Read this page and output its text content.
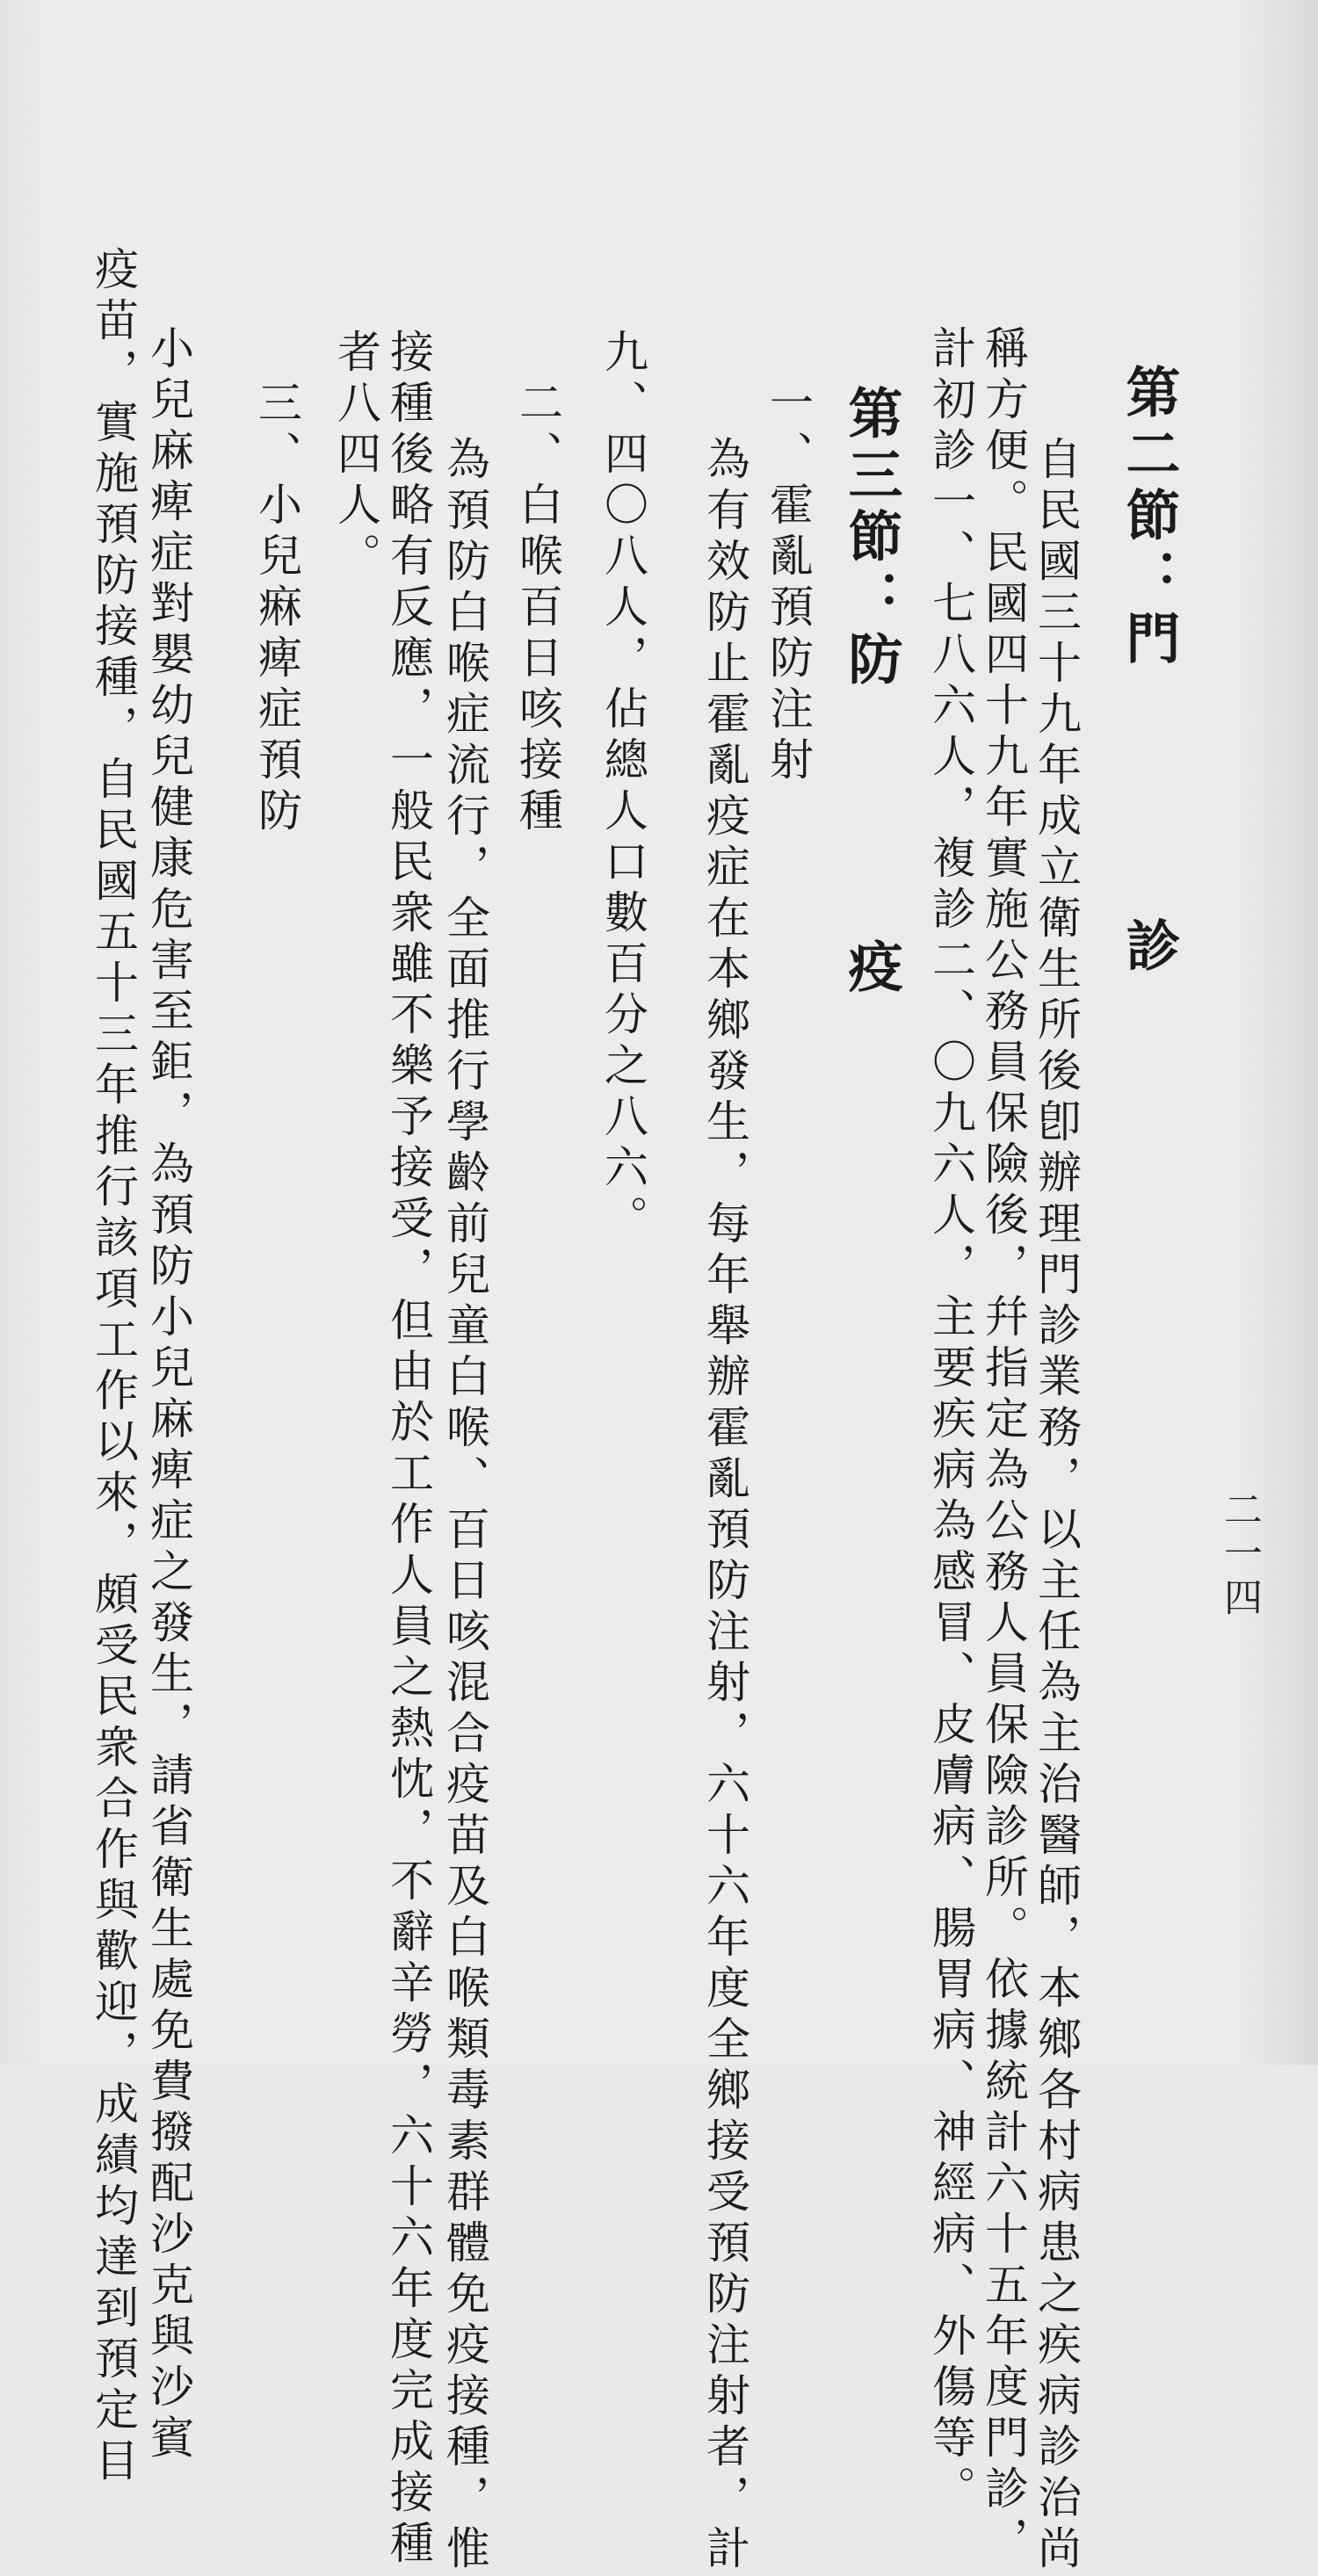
第二節：門診
自民國三十九年成立衛生所後卽辦理門診業務，以主任為主治醫師，本鄉各村病患之疾病診治尚
稱方便。民國四十九年實施公務員保險後，幷指定為公務人員保險診所。依據統計六十五年度門診，
計初診一、七八六人，複診二、〇九六人，主要疾病為感冒、皮膚病、腸胃病、神經病、外傷等。
第三節：防疫
一、霍亂預防注射
為有效防止霍亂疫症在本鄉發生，每年舉辦霍亂預防注射，六十六年度全鄉接受預防注射者，計
九、四〇八人，佔總人口數百分之八六。
二、白喉百日咳接種
為預防白喉症流行，全面推行學齡前兒童白喉、百日咳混合疫苗及白喉類毒素群體免疫接種，惟
接種後略有反應，一般民衆雖不樂予接受，但由於工作人員之熱忱，不辭辛勞，六十六年度完成接種
者八四人。
三、小兒痳痺症預防
小兒麻痺症對嬰幼兒健康危害至鉅，為預防小兒麻痺症之發生，請省衛生處免費撥配沙克與沙賓
疫苗，實施預防接種，自民國五十三年推行該項工作以來，頗受民衆合作與歡迎，成績均達到預定目	二一四
